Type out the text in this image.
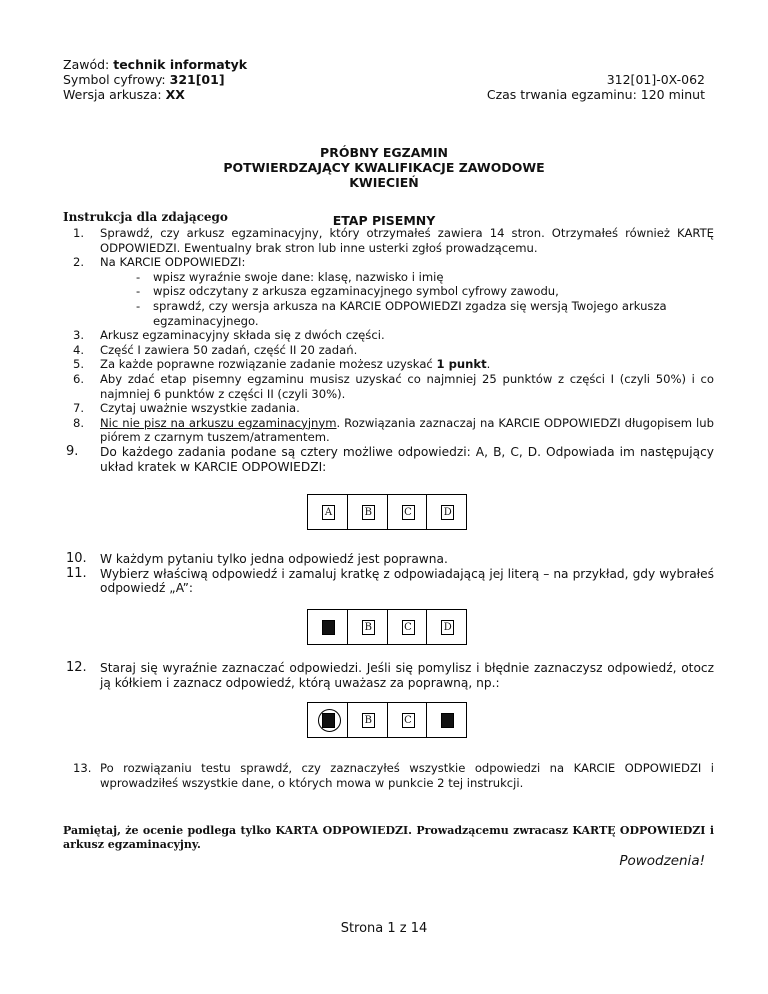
Zawód: technik informatyk
Symbol cyfrowy: 321[01]
Wersja arkusza: XX
312[01]-0X-062
Czas trwania egzaminu: 120 minut
PRÓBNY EGZAMIN
POTWIERDZAJĄCY KWALIFIKACJE ZAWODOWE
KWIECIEŃ
ETAP PISEMNY
Instrukcja dla zdającego
1. Sprawdź, czy arkusz egzaminacyjny, który otrzymałeś zawiera 14 stron. Otrzymałeś również KARTĘ ODPOWIEDZI. Ewentualny brak stron lub inne usterki zgłoś prowadzącemu.
2. Na KARCIE ODPOWIEDZI:
- wpisz wyraźnie swoje dane: klasę, nazwisko i imię
- wpisz odczytany z arkusza egzaminacyjnego symbol cyfrowy zawodu,
- sprawdź, czy wersja arkusza na KARCIE ODPOWIEDZI zgadza się wersją Twojego arkusza egzaminacyjnego.
3. Arkusz egzaminacyjny składa się z dwóch części.
4. Część I zawiera 50 zadań, część II 20 zadań.
5. Za każde poprawne rozwiązanie zadanie możesz uzyskać 1 punkt.
6. Aby zdać etap pisemny egzaminu musisz uzyskać co najmniej 25 punktów z części I (czyli 50%) i co najmniej 6 punktów z części II (czyli 30%).
7. Czytaj uważnie wszystkie zadania.
8. Nic nie pisz na arkuszu egzaminacyjnym. Rozwiązania zaznaczaj na KARCIE ODPOWIEDZI długopisem lub piórem z czarnym tuszem/atramentem.
9. Do każdego zadania podane są cztery możliwe odpowiedzi: A, B, C, D. Odpowiada im następujący układ kratek w KARCIE ODPOWIEDZI:
A	B	C	D
10. W każdym pytaniu tylko jedna odpowiedź jest poprawna.
11. Wybierz właściwą odpowiedź i zamaluj kratkę z odpowiadającą jej literą – na przykład, gdy wybrałeś odpowiedź „A”:
B	C	D
12. Staraj się wyraźnie zaznaczać odpowiedzi. Jeśli się pomylisz i błędnie zaznaczysz odpowiedź, otocz ją kółkiem i zaznacz odpowiedź, którą uważasz za poprawną, np.:
B	C
13. Po rozwiązaniu testu sprawdź, czy zaznaczyłeś wszystkie odpowiedzi na KARCIE ODPOWIEDZI i wprowadziłeś wszystkie dane, o których mowa w punkcie 2 tej instrukcji.
Pamiętaj, że ocenie podlega tylko KARTA ODPOWIEDZI. Prowadzącemu zwracasz KARTĘ ODPOWIEDZI i arkusz egzaminacyjny.
Powodzenia!
Strona 1 z 14
